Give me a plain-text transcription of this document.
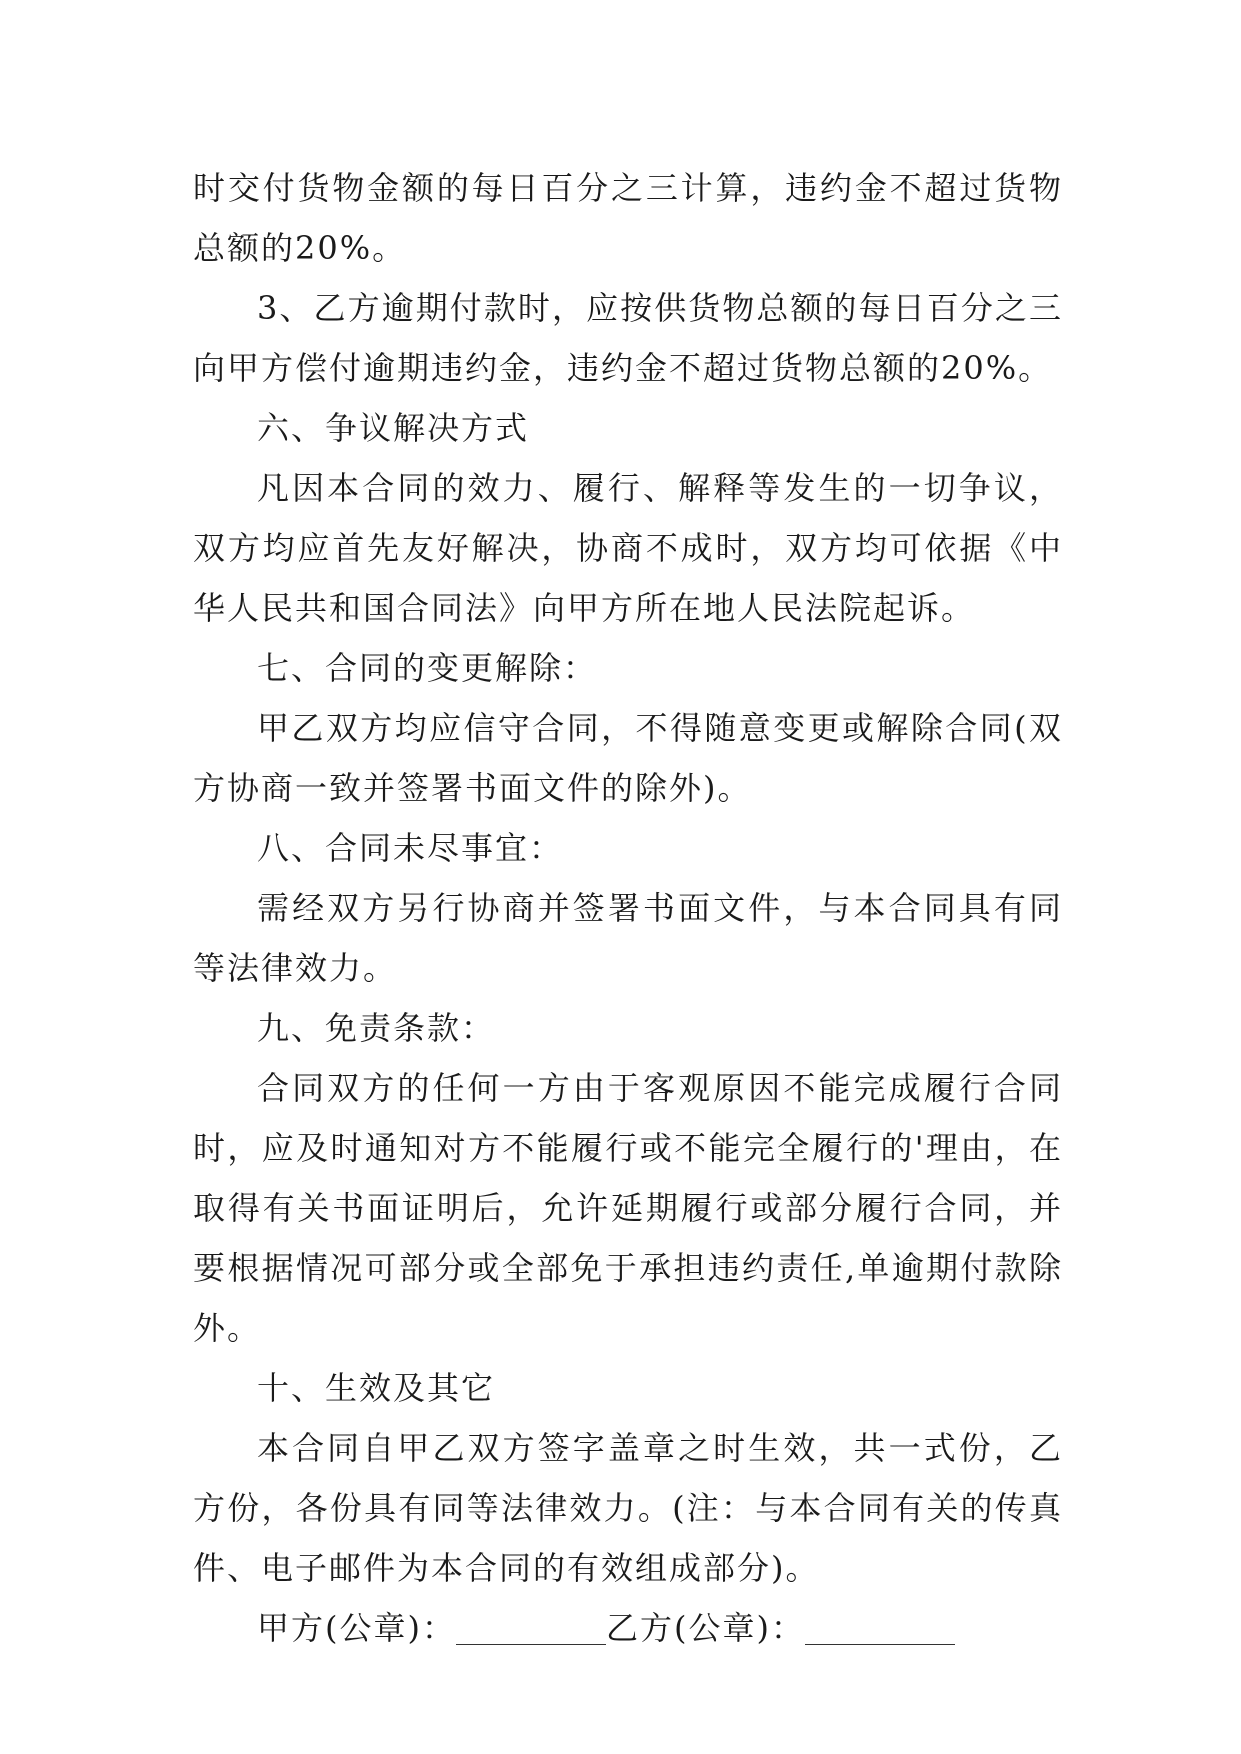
时交付货物金额的每日百分之三计算，违约金不超过货物总额的20%。

3、乙方逾期付款时，应按供货物总额的每日百分之三向甲方偿付逾期违约金，违约金不超过货物总额的20%。

六、争议解决方式

凡因本合同的效力、履行、解释等发生的一切争议，双方均应首先友好解决，协商不成时，双方均可依据《中华人民共和国合同法》向甲方所在地人民法院起诉。

七、合同的变更解除：

甲乙双方均应信守合同，不得随意变更或解除合同(双方协商一致并签署书面文件的除外)。

八、合同未尽事宜：

需经双方另行协商并签署书面文件，与本合同具有同等法律效力。

九、免责条款：

合同双方的任何一方由于客观原因不能完成履行合同时，应及时通知对方不能履行或不能完全履行的'理由，在取得有关书面证明后，允许延期履行或部分履行合同，并要根据情况可部分或全部免于承担违约责任,单逾期付款除外。

十、生效及其它

本合同自甲乙双方签字盖章之时生效，共一式份，乙方份，各份具有同等法律效力。(注：与本合同有关的传真件、电子邮件为本合同的有效组成部分)。

甲方(公章)：	乙方(公章)：
